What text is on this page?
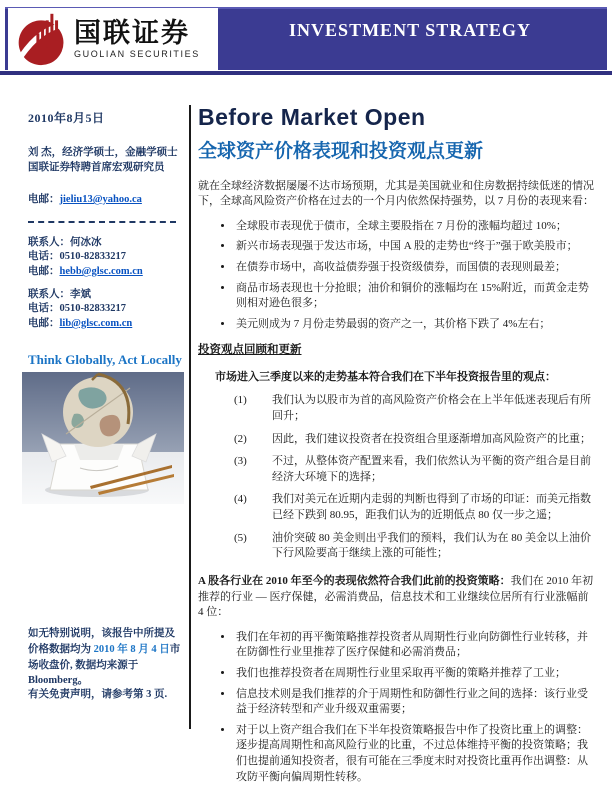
国联证券
GUOLIAN SECURITIES
INVESTMENT STRATEGY
2010年8月5日
刘 杰，经济学硕士，金融学硕士
国联证券特聘首席宏观研究员
电邮：jieliu13@yahoo.ca
联系人：何冰冰
电话：0510-82833217
电邮：hebb@glsc.com.cn
联系人：李斌
电话：0510-82833217
电邮：lib@glsc.com.cn
Think Globally, Act Locally
如无特别说明，该报告中所提及价格数据均为 2010 年 8 月 4 日市场收盘价, 数据均来源于 Bloomberg。
有关免责声明，请参考第 3 页.
Before Market Open
全球资产价格表现和投资观点更新
就在全球经济数据屡屡不达市场预期，尤其是美国就业和住房数据持续低迷的情况下，全球高风险资产价格在过去的一个月内依然保持强势，以 7 月份的表现来看：
• 全球股市表现优于债市，全球主要股指在 7 月份的涨幅均超过 10%；
• 新兴市场表现强于发达市场，中国 A 股的走势也“终于”强于欧美股市；
• 在债券市场中，高收益债券强于投资级债券，而国债的表现则最差；
• 商品市场表现也十分抢眼；油价和铜价的涨幅均在 15%附近，而黄金走势则相对逊色很多；
• 美元则成为 7 月份走势最弱的资产之一，其价格下跌了 4%左右；
投资观点回顾和更新
市场进入三季度以来的走势基本符合我们在下半年投资报告里的观点：
(1)	我们认为以股市为首的高风险资产价格会在上半年低迷表现后有所回升；
(2)	因此，我们建议投资者在投资组合里逐渐增加高风险资产的比重；
(3)	不过，从整体资产配置来看，我们依然认为平衡的资产组合是目前经济大环境下的选择；
(4)	我们对美元在近期内走弱的判断也得到了市场的印证：而美元指数已经下跌到 80.95，距我们认为的近期低点 80 仅一步之遥；
(5)	油价突破 80 美金则出乎我们的预料，我们认为在 80 美金以上油价下行风险要高于继续上涨的可能性；
A 股各行业在 2010 年至今的表现依然符合我们此前的投资策略：我们在 2010 年初推荐的行业 — 医疗保健，必需消费品，信息技术和工业继续位居所有行业涨幅前 4 位：
• 我们在年初的再平衡策略推荐投资者从周期性行业向防御性行业转移，并在防御性行业里推荐了医疗保健和必需消费品；
• 我们也推荐投资者在周期性行业里采取再平衡的策略并推荐了工业；
• 信息技术则是我们推荐的介于周期性和防御性行业之间的选择：该行业受益于经济转型和产业升级双重需要；
• 对于以上资产组合我们在下半年投资策略报告中作了投资比重上的调整：逐步提高周期性和高风险行业的比重，不过总体维持平衡的投资策略；我们也提前通知投资者，很有可能在三季度末时对投资比重再作出调整：从攻防平衡向偏周期性转移。
